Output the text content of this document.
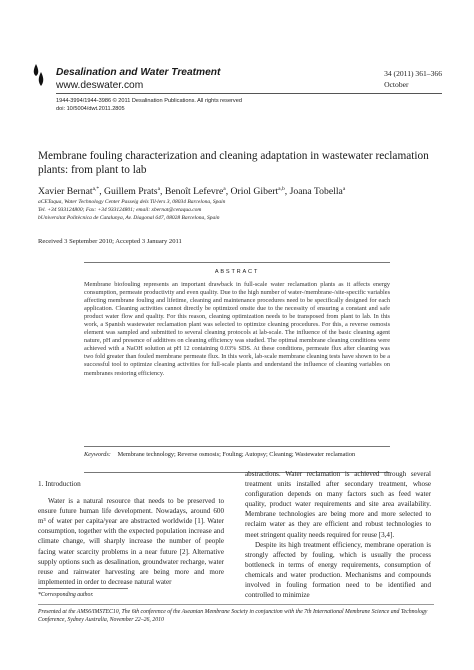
Desalination and Water Treatment
www.deswater.com
34 (2011) 361–366
October
1944-3994/1944-3986 © 2011 Desalination Publications. All rights reserved
doi: 10/5004/dwt.2011.2805
Membrane fouling characterization and cleaning adaptation in wastewater reclamation plants: from plant to lab
Xavier Bernat$^{a,*}$, Guillem Prats$^a$, Benoît Lefevre$^a$, Oriol Gibert$^{a,b}$, Joana Tobella$^a$
aCETaqua, Water Technology Center Passeig dels Til·lers 3, 08034 Barcelona, Spain
Tel. +34 933124800; Fax: +34 933124801; email: xbernat@cetaqua.com
bUniversitat Politècnica de Catalunya, Av. Diagonal 647, 08028 Barcelona, Spain
Received 3 September 2010; Accepted 3 January 2011
ABSTRACT
Membrane biofouling represents an important drawback in full-scale water reclamation plants as it affects energy consumption, permeate productivity and even quality. Due to the high number of water-/membrane-/site-specific variables affecting membrane fouling and lifetime, cleaning and maintenance procedures need to be specifically designed for each application. Cleaning activities cannot directly be optimized onsite due to the necessity of ensuring a constant and safe product water flow and quality. For this reason, cleaning optimization needs to be transposed from plant to lab. In this work, a Spanish wastewater reclamation plant was selected to optimize cleaning procedures. For this, a reverse osmosis element was sampled and submitted to several cleaning protocols at lab-scale. The influence of the basic cleaning agent nature, pH and presence of additives on cleaning efficiency was studied. The optimal membrane cleaning conditions were achieved with a NaOH solution at pH 12 containing 0.03% SDS. At these conditions, permeate flux after cleaning was two fold greater than fouled membrane permeate flux. In this work, lab-scale membrane cleaning tests have shown to be a successful tool to optimize cleaning activities for full-scale plants and understand the influence of cleaning variables on membranes restoring efficiency.
Keywords: Membrane technology; Reverse osmosis; Fouling; Autopsy; Cleaning; Wastewater reclamation
1. Introduction
Water is a natural resource that needs to be preserved to ensure future human life development. Nowadays, around 600 m³ of water per capita/year are abstracted worldwide [1]. Water consumption, together with the expected population increase and climate change, will sharply increase the number of people facing water scarcity problems in a near future [2]. Alternative supply options such as desalination, groundwater recharge, water reuse and rainwater harvesting are being more and more implemented in order to decrease natural water
abstractions. Water reclamation is achieved through several treatment units installed after secondary treatment, whose configuration depends on many factors such as feed water quality, product water requirements and site area availability. Membrane technologies are being more and more selected to reclaim water as they are efficient and robust technologies to meet stringent quality needs required for reuse [3,4].
Despite its high treatment efficiency, membrane operation is strongly affected by fouling, which is usually the process bottleneck in terms of energy requirements, consumption of chemicals and water production. Mechanisms and compounds involved in fouling formation need to be identified and controlled to minimize
*Corresponding author.
Presented at the AMS6/IMSTEC10, The 6th conference of the Aseanian Membrane Society in conjunction with the 7th International Membrane Science and Technology Conference, Sydney Australia, November 22–26, 2010
